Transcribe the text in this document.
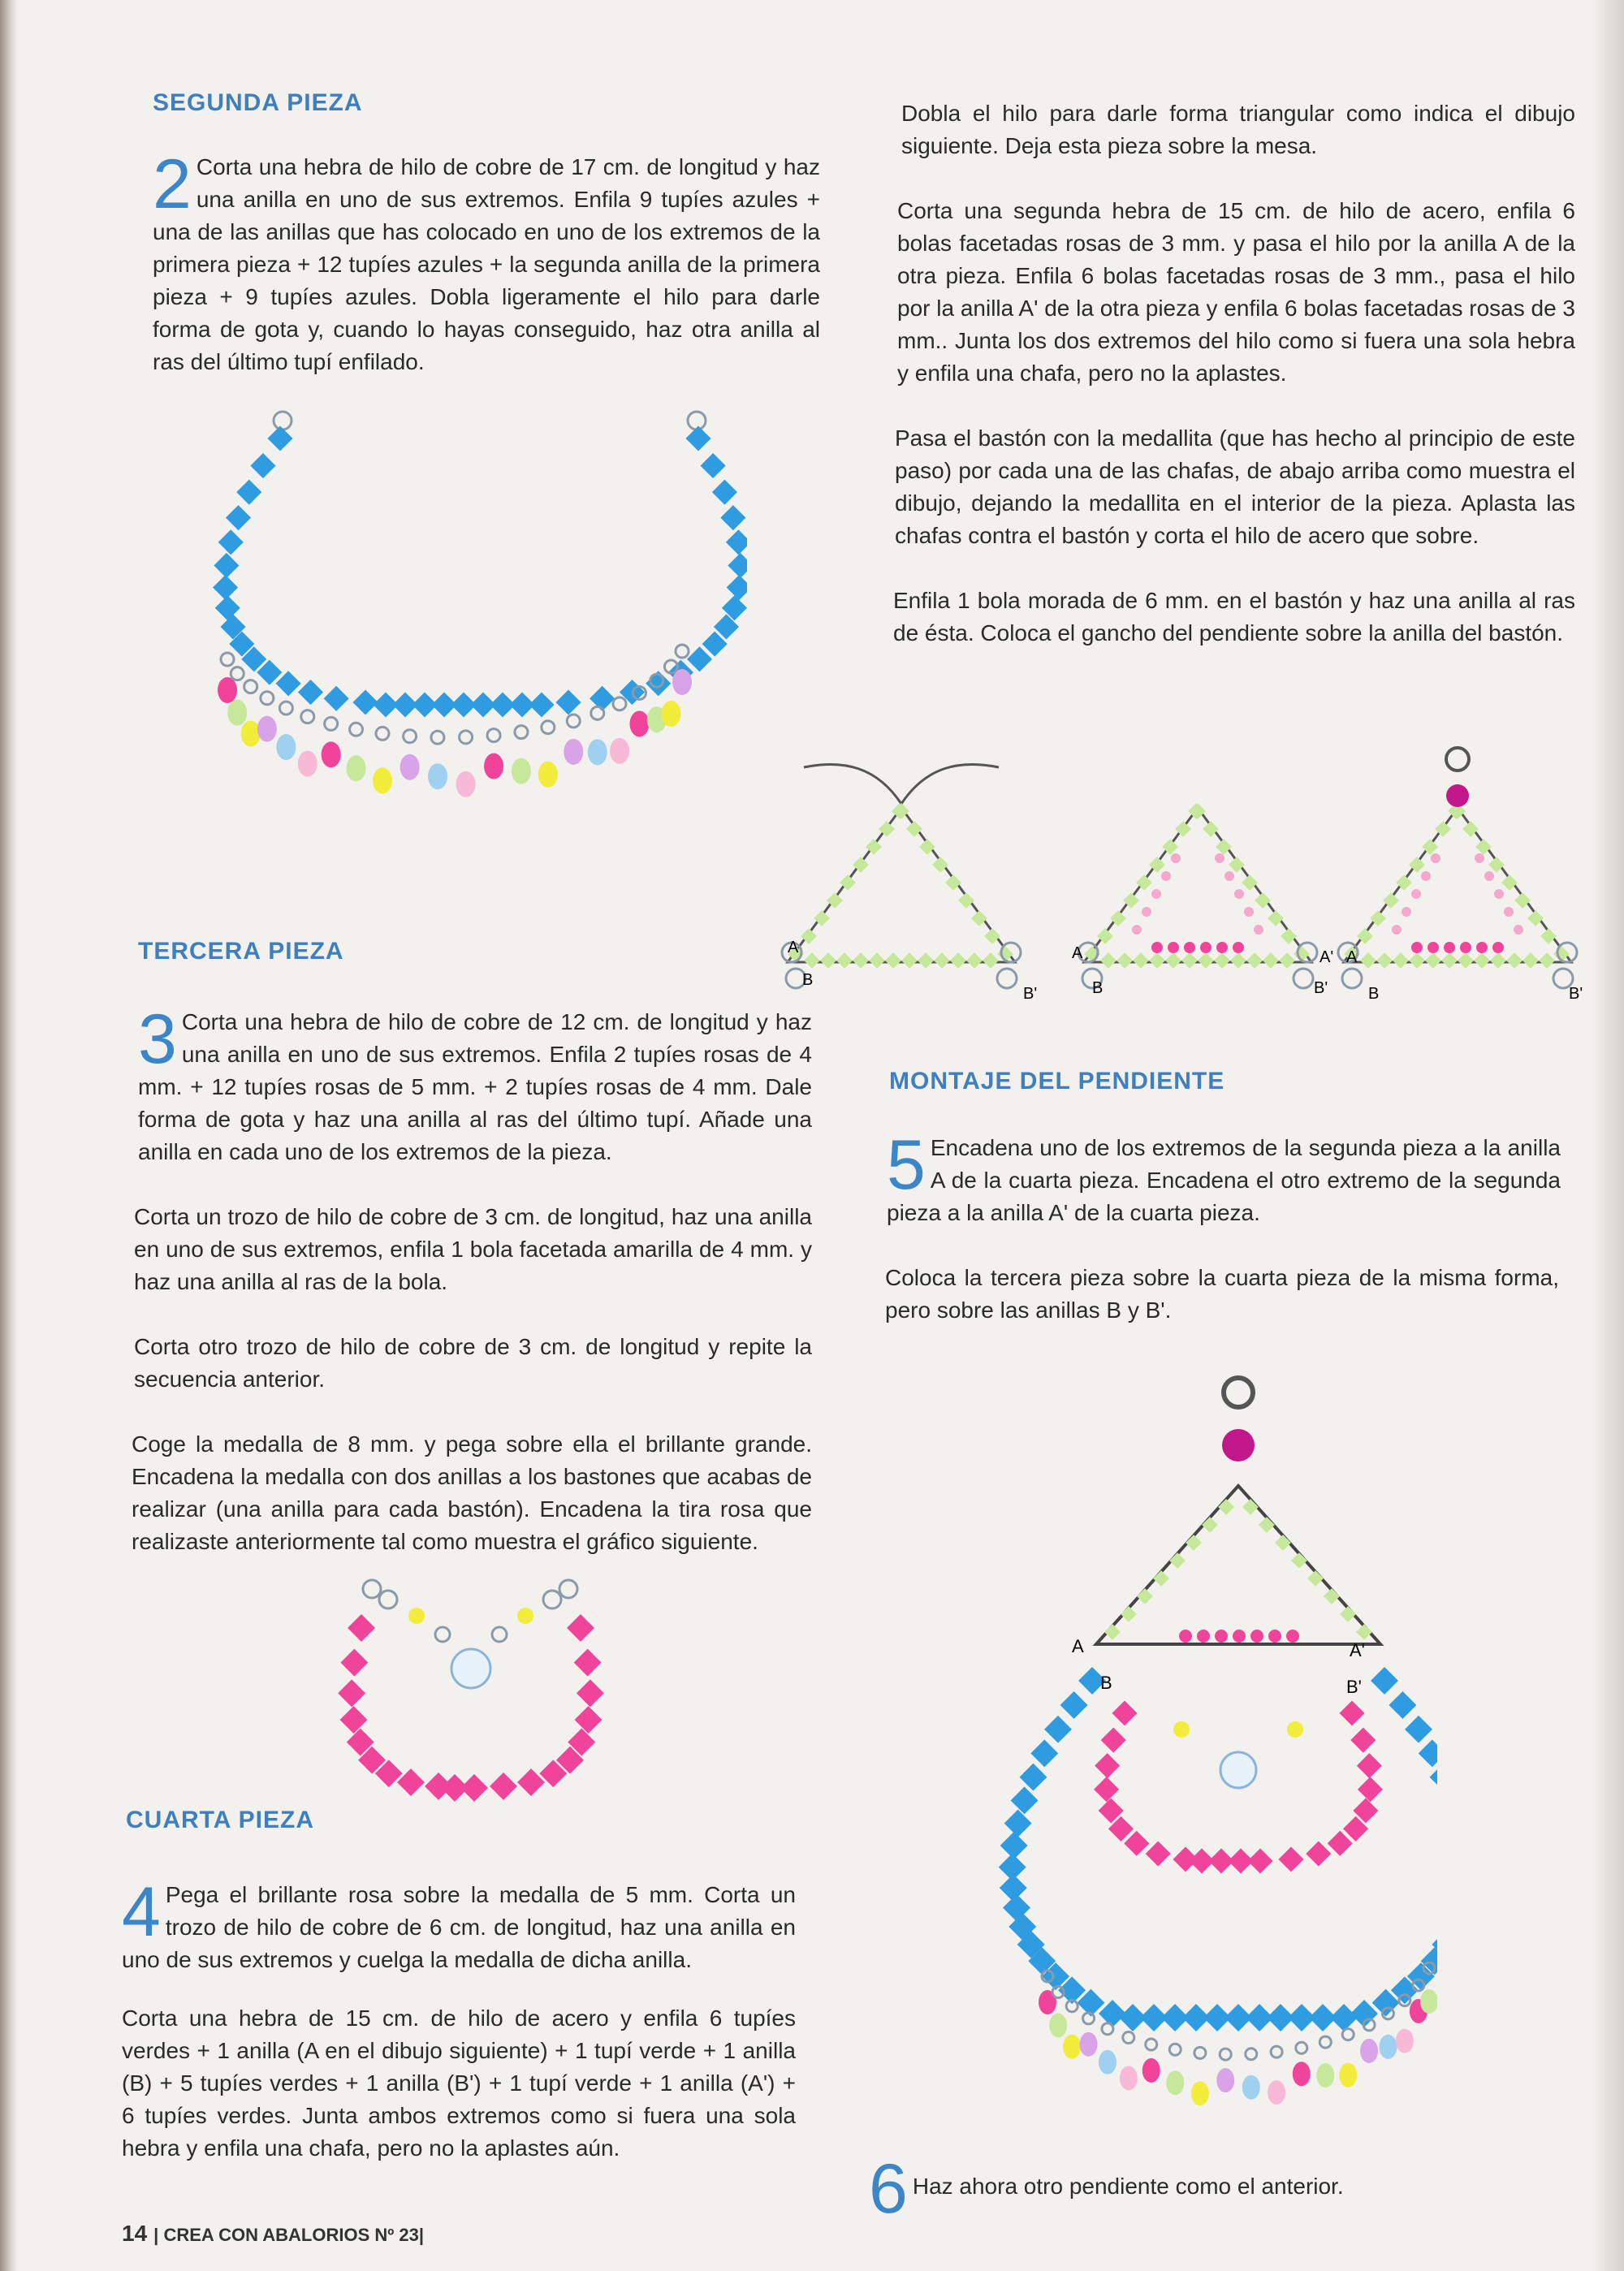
SEGUNDA PIEZA

2 Corta una hebra de hilo de cobre de 17 cm. de longitud y haz una anilla en uno de sus extremos. Enfila 9 tupíes azules + una de las anillas que has colocado en uno de los extremos de la primera pieza + 12 tupíes azules + la segunda anilla de la primera pieza + 9 tupíes azules. Dobla ligeramente el hilo para darle forma de gota y, cuando lo hayas conseguido, haz otra anilla al ras del último tupí enfilado.

TERCERA PIEZA

3 Corta una hebra de hilo de cobre de 12 cm. de longitud y haz una anilla en uno de sus extremos. Enfila 2 tupíes rosas de 4 mm. + 12 tupíes rosas de 5 mm. + 2 tupíes rosas de 4 mm. Dale forma de gota y haz una anilla al ras del último tupí. Añade una anilla en cada uno de los extremos de la pieza.

Corta un trozo de hilo de cobre de 3 cm. de longitud, haz una anilla en uno de sus extremos, enfila 1 bola facetada amarilla de 4 mm. y haz una anilla al ras de la bola.

Corta otro trozo de hilo de cobre de 3 cm. de longitud y repite la secuencia anterior.

Coge la medalla de 8 mm. y pega sobre ella el brillante grande. Encadena la medalla con dos anillas a los bastones que acabas de realizar (una anilla para cada bastón). Encadena la tira rosa que realizaste anteriormente tal como muestra el gráfico siguiente.

CUARTA PIEZA

4 Pega el brillante rosa sobre la medalla de 5 mm. Corta un trozo de hilo de cobre de 6 cm. de longitud, haz una anilla en uno de sus extremos y cuelga la medalla de dicha anilla.

Corta una hebra de 15 cm. de hilo de acero y enfila 6 tupíes verdes + 1 anilla (A en el dibujo siguiente) + 1 tupí verde + 1 anilla (B) + 5 tupíes verdes + 1 anilla (B') + 1 tupí verde + 1 anilla (A') + 6 tupíes verdes. Junta ambos extremos como si fuera una sola hebra y enfila una chafa, pero no la aplastes aún.

Dobla el hilo para darle forma triangular como indica el dibujo siguiente. Deja esta pieza sobre la mesa.

Corta una segunda hebra de 15 cm. de hilo de acero, enfila 6 bolas facetadas rosas de 3 mm. y pasa el hilo por la anilla A de la otra pieza. Enfila 6 bolas facetadas rosas de 3 mm., pasa el hilo por la anilla A' de la otra pieza y enfila 6 bolas facetadas rosas de 3 mm.. Junta los dos extremos del hilo como si fuera una sola hebra y enfila una chafa, pero no la aplastes.

Pasa el bastón con la medallita (que has hecho al principio de este paso) por cada una de las chafas, de abajo arriba como muestra el dibujo, dejando la medallita en el interior de la pieza. Aplasta las chafas contra el bastón y corta el hilo de acero que sobre.

Enfila 1 bola morada de 6 mm. en el bastón y haz una anilla al ras de ésta. Coloca el gancho del pendiente sobre la anilla del bastón.

A
B
B'
A
B	B'
A' A
B	B'
MONTAJE DEL PENDIENTE

5 Encadena uno de los extremos de la segunda pieza a la anilla A de la cuarta pieza. Encadena el otro extremo de la segunda pieza a la anilla A' de la cuarta pieza.

Coloca la tercera pieza sobre la cuarta pieza de la misma forma, pero sobre las anillas B y B'.

A
B
A'
B'

6 Haz ahora otro pendiente como el anterior.

14 | CREA CON ABALORIOS Nº 23|
